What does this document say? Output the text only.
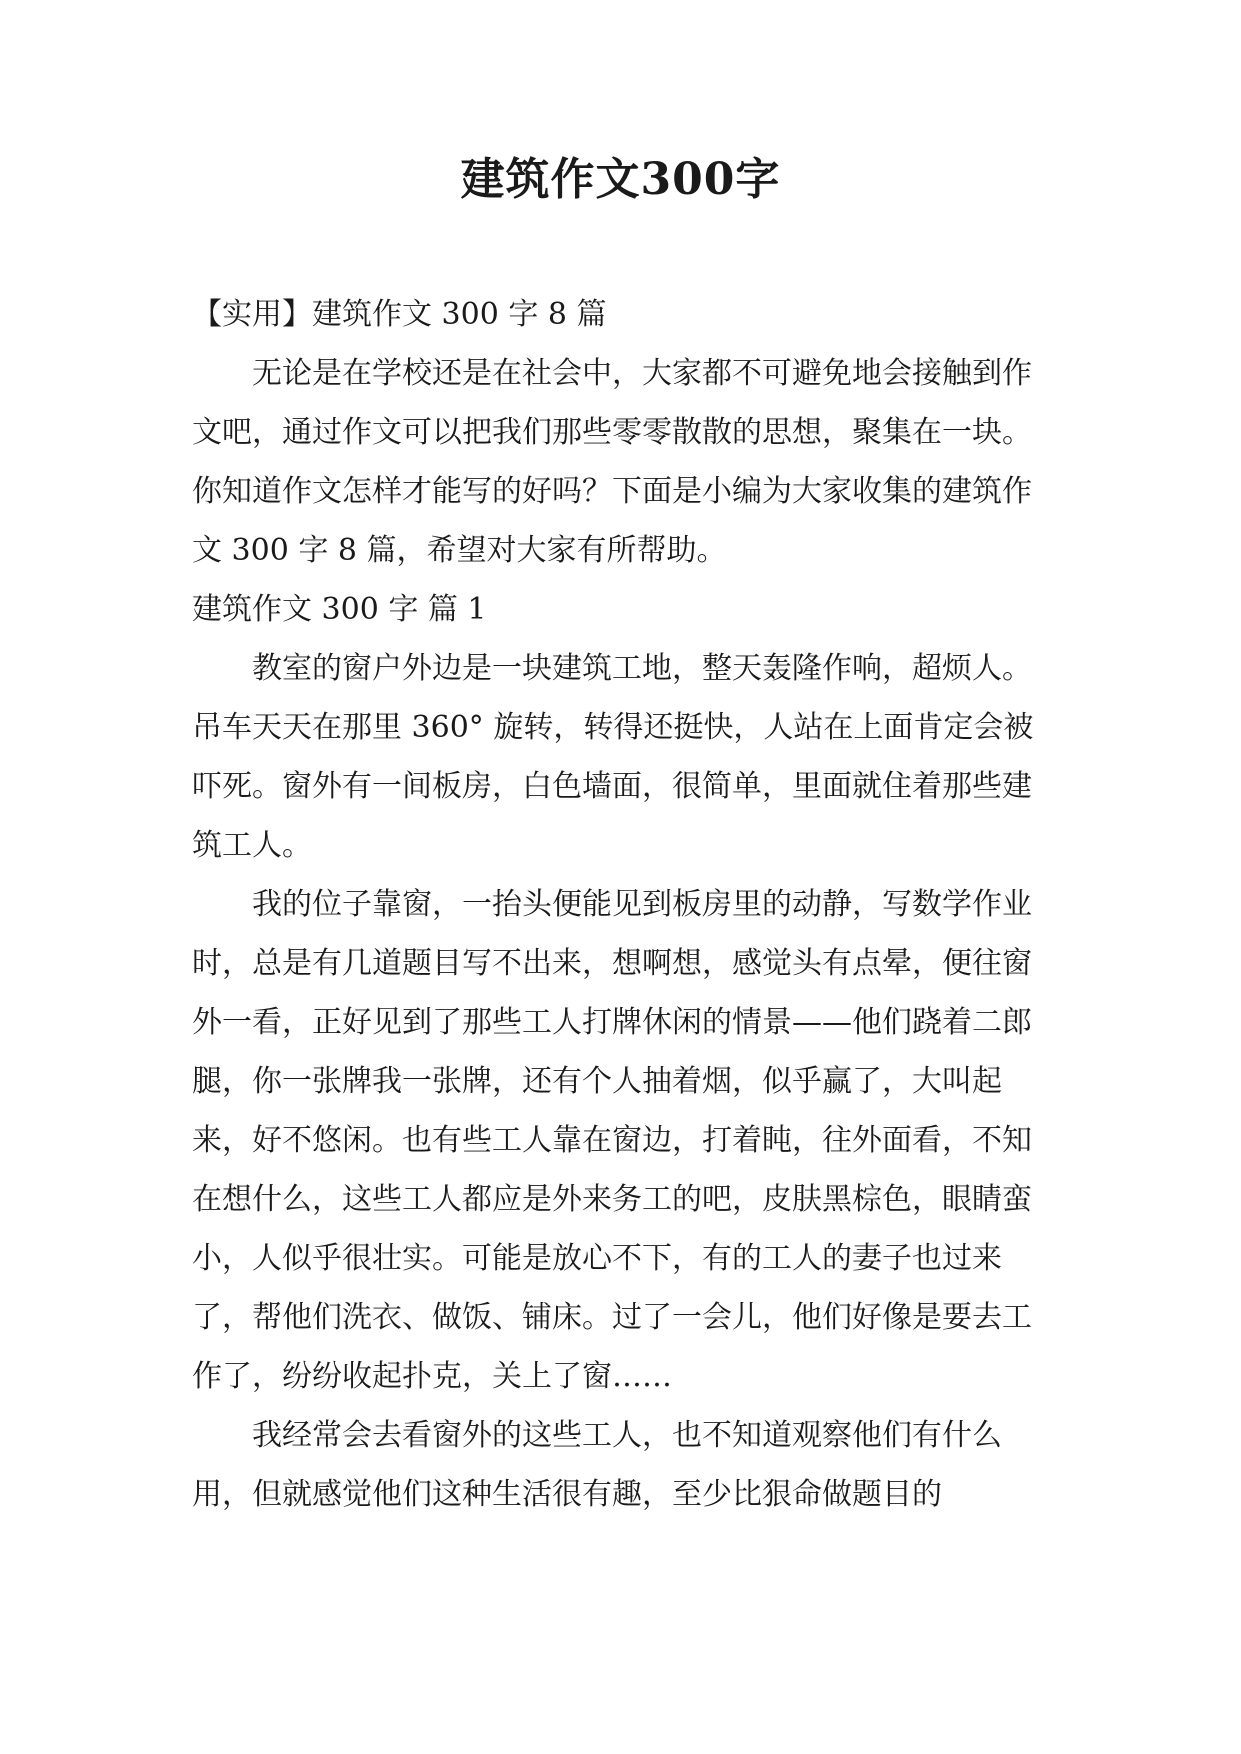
建筑作文300字

【实用】建筑作文 300 字 8 篇

无论是在学校还是在社会中，大家都不可避免地会接触到作文吧，通过作文可以把我们那些零零散散的思想，聚集在一块。你知道作文怎样才能写的好吗？下面是小编为大家收集的建筑作文 300 字 8 篇，希望对大家有所帮助。

建筑作文 300 字 篇 1

教室的窗户外边是一块建筑工地，整天轰隆作响，超烦人。吊车天天在那里 360° 旋转，转得还挺快，人站在上面肯定会被吓死。窗外有一间板房，白色墙面，很简单，里面就住着那些建筑工人。

我的位子靠窗，一抬头便能见到板房里的动静，写数学作业时，总是有几道题目写不出来，想啊想，感觉头有点晕，便往窗外一看，正好见到了那些工人打牌休闲的情景——他们跷着二郎腿，你一张牌我一张牌，还有个人抽着烟，似乎赢了，大叫起来，好不悠闲。也有些工人靠在窗边，打着盹，往外面看，不知在想什么，这些工人都应是外来务工的吧，皮肤黑棕色，眼睛蛮小，人似乎很壮实。可能是放心不下，有的工人的妻子也过来了，帮他们洗衣、做饭、铺床。过了一会儿，他们好像是要去工作了，纷纷收起扑克，关上了窗……

我经常会去看窗外的这些工人，也不知道观察他们有什么用，但就感觉他们这种生活很有趣，至少比狠命做题目的
